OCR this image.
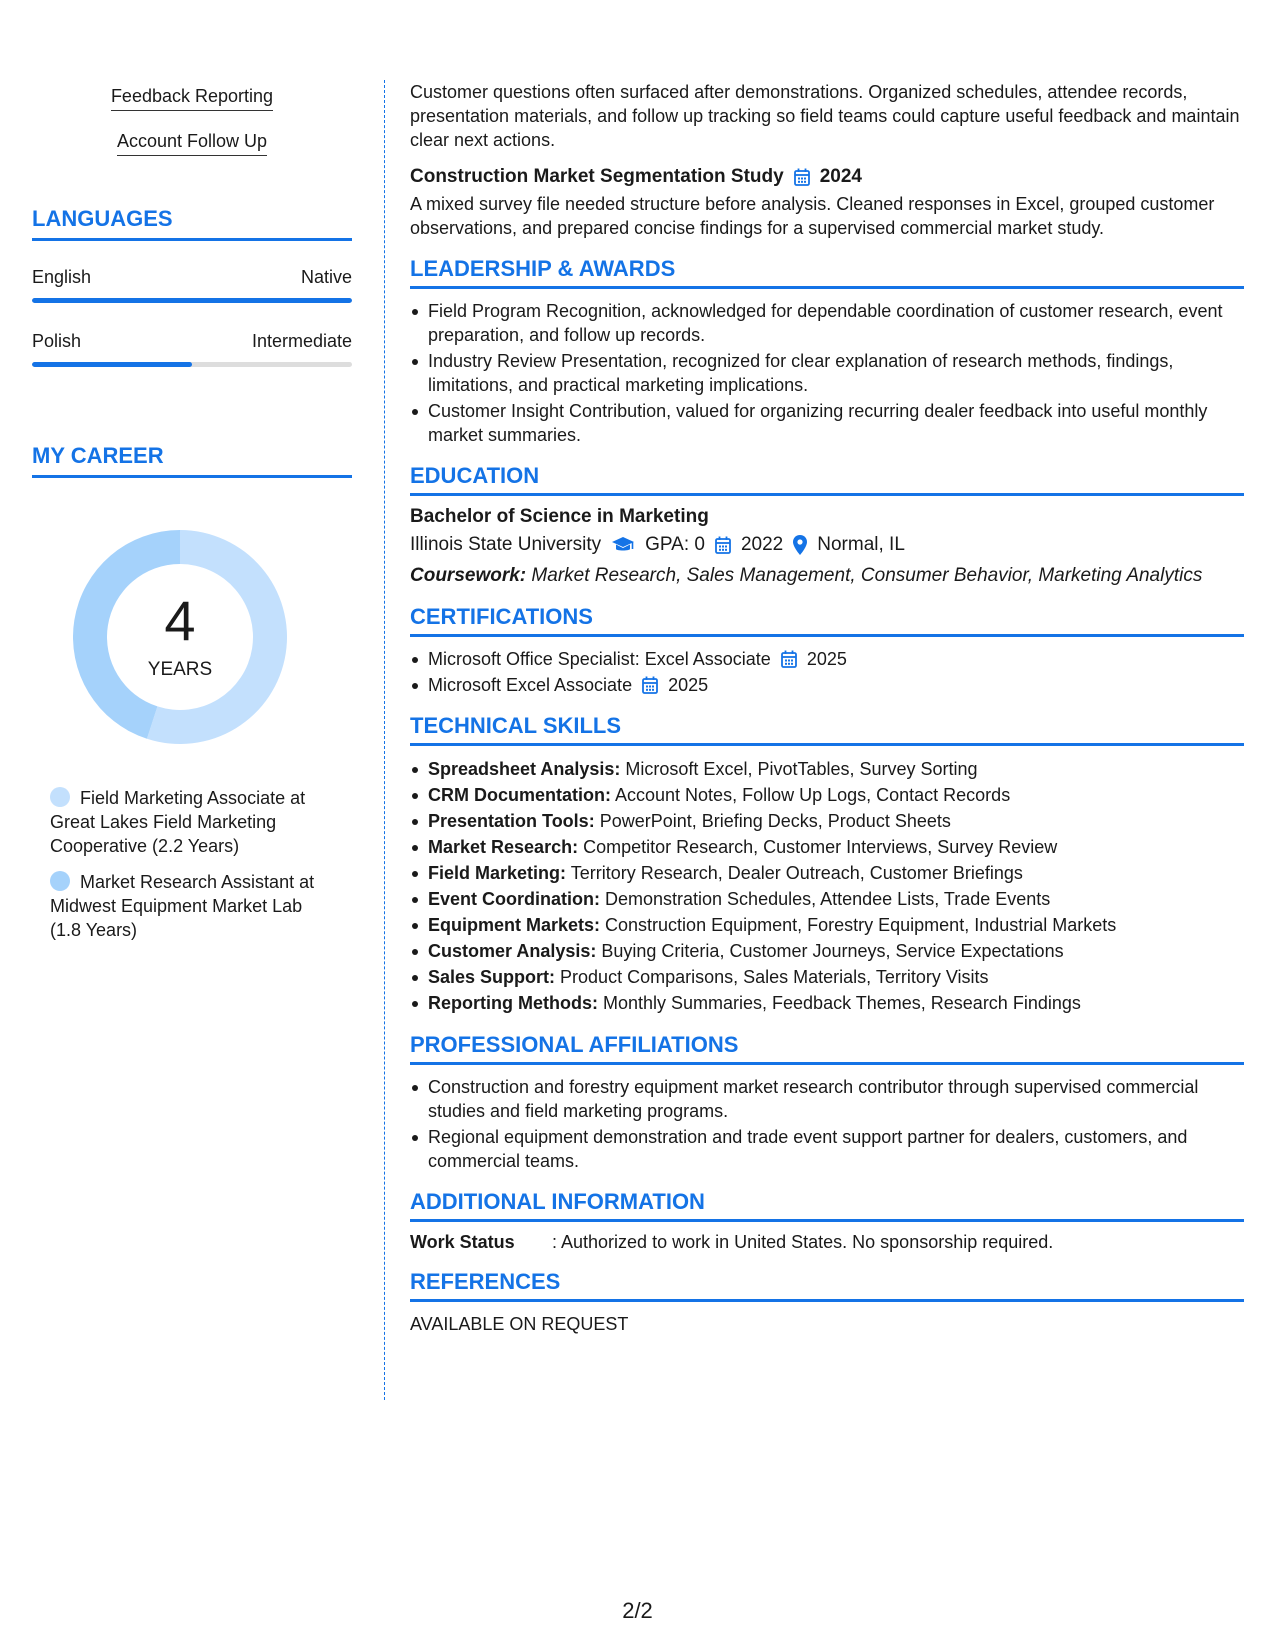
Feedback Reporting
Account Follow Up
LANGUAGES
English	Native
Polish	Intermediate
MY CAREER
4
YEARS
Field Marketing Associate at Great Lakes Field Marketing Cooperative (2.2 Years)
Market Research Assistant at Midwest Equipment Market Lab (1.8 Years)

Customer questions often surfaced after demonstrations. Organized schedules, attendee records, presentation materials, and follow up tracking so field teams could capture useful feedback and maintain clear next actions.

Construction Market Segmentation Study 2024

A mixed survey file needed structure before analysis. Cleaned responses in Excel, grouped customer observations, and prepared concise findings for a supervised commercial market study.

LEADERSHIP & AWARDS
Field Program Recognition, acknowledged for dependable coordination of customer research, event preparation, and follow up records.
Industry Review Presentation, recognized for clear explanation of research methods, findings, limitations, and practical marketing implications.
Customer Insight Contribution, valued for organizing recurring dealer feedback into useful monthly market summaries.
EDUCATION
Bachelor of Science in Marketing
Illinois State University GPA: 0 2022 Normal, IL
Coursework: Market Research, Sales Management, Consumer Behavior, Marketing Analytics
CERTIFICATIONS
Microsoft Office Specialist: Excel Associate 2025
Microsoft Excel Associate 2025
TECHNICAL SKILLS
Spreadsheet Analysis: Microsoft Excel, PivotTables, Survey Sorting
CRM Documentation: Account Notes, Follow Up Logs, Contact Records
Presentation Tools: PowerPoint, Briefing Decks, Product Sheets
Market Research: Competitor Research, Customer Interviews, Survey Review
Field Marketing: Territory Research, Dealer Outreach, Customer Briefings
Event Coordination: Demonstration Schedules, Attendee Lists, Trade Events
Equipment Markets: Construction Equipment, Forestry Equipment, Industrial Markets
Customer Analysis: Buying Criteria, Customer Journeys, Service Expectations
Sales Support: Product Comparisons, Sales Materials, Territory Visits
Reporting Methods: Monthly Summaries, Feedback Themes, Research Findings
PROFESSIONAL AFFILIATIONS
Construction and forestry equipment market research contributor through supervised commercial studies and field marketing programs.
Regional equipment demonstration and trade event support partner for dealers, customers, and commercial teams.
ADDITIONAL INFORMATION
Work Status	: Authorized to work in United States. No sponsorship required.
REFERENCES
AVAILABLE ON REQUEST
2/2
